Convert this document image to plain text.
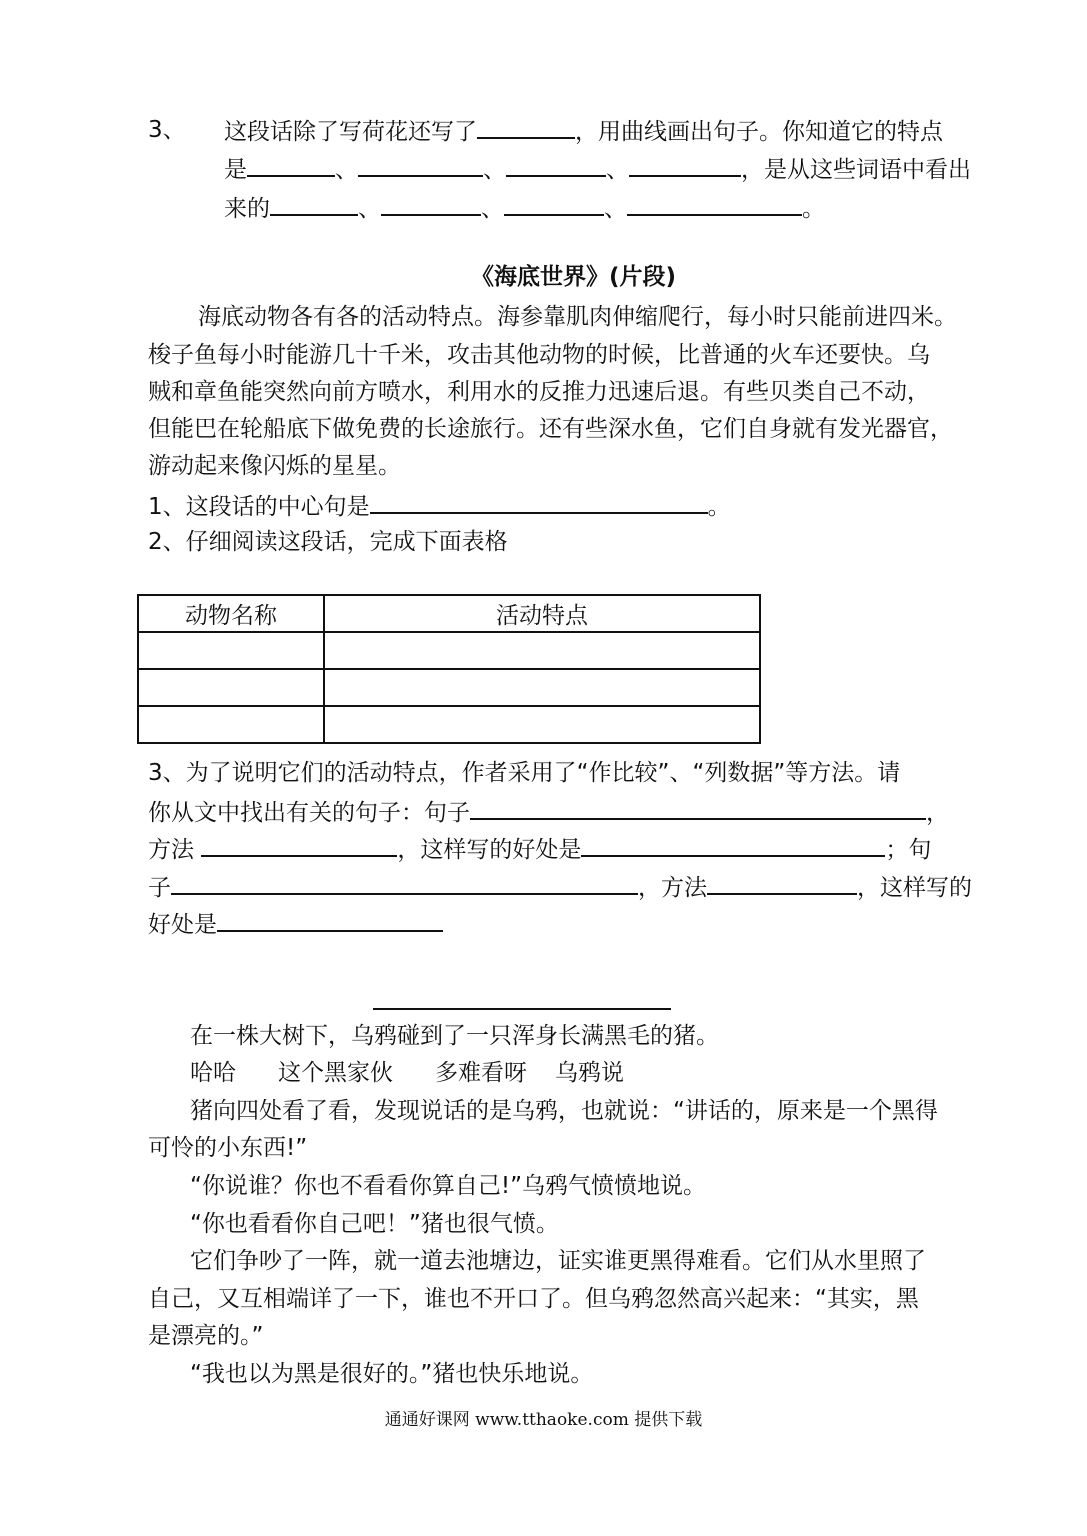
3、 这段话除了写荷花还写了	，用曲线画出句子。你知道它的特点
是	、	、	、	，是从这些词语中看出
来的	、	、	、	。
《海底世界》(片段)
海底动物各有各的活动特点。海参靠肌肉伸缩爬行，每小时只能前进四米。
梭子鱼每小时能游几十千米，攻击其他动物的时候，比普通的火车还要快。乌
贼和章鱼能突然向前方喷水，利用水的反推力迅速后退。有些贝类自己不动，
但能巴在轮船底下做免费的长途旅行。还有些深水鱼，它们自身就有发光器官，
游动起来像闪烁的星星。
1、这段话的中心句是	。
2、仔细阅读这段话，完成下面表格
动物名称	活动特点

3、为了说明它们的活动特点，作者采用了“作比较”、“列数据”等方法。请
你从文中找出有关的句子：句子	，
方法	，这样写的好处是	；句
子	，方法	，这样写的
好处是
在一株大树下，乌鸦碰到了一只浑身长满黑毛的猪。
哈哈 这个黑家伙 多难看呀 乌鸦说
猪向四处看了看，发现说话的是乌鸦，也就说：“讲话的，原来是一个黑得
可怜的小东西!”
“你说谁？你也不看看你算自己!”乌鸦气愤愤地说。
“你也看看你自己吧！”猪也很气愤。
它们争吵了一阵，就一道去池塘边，证实谁更黑得难看。它们从水里照了
自己，又互相端详了一下，谁也不开口了。但乌鸦忽然高兴起来：“其实，黑
是漂亮的。”
“我也以为黑是很好的。”猪也快乐地说。
通通好课网 www.tthaoke.com 提供下载
